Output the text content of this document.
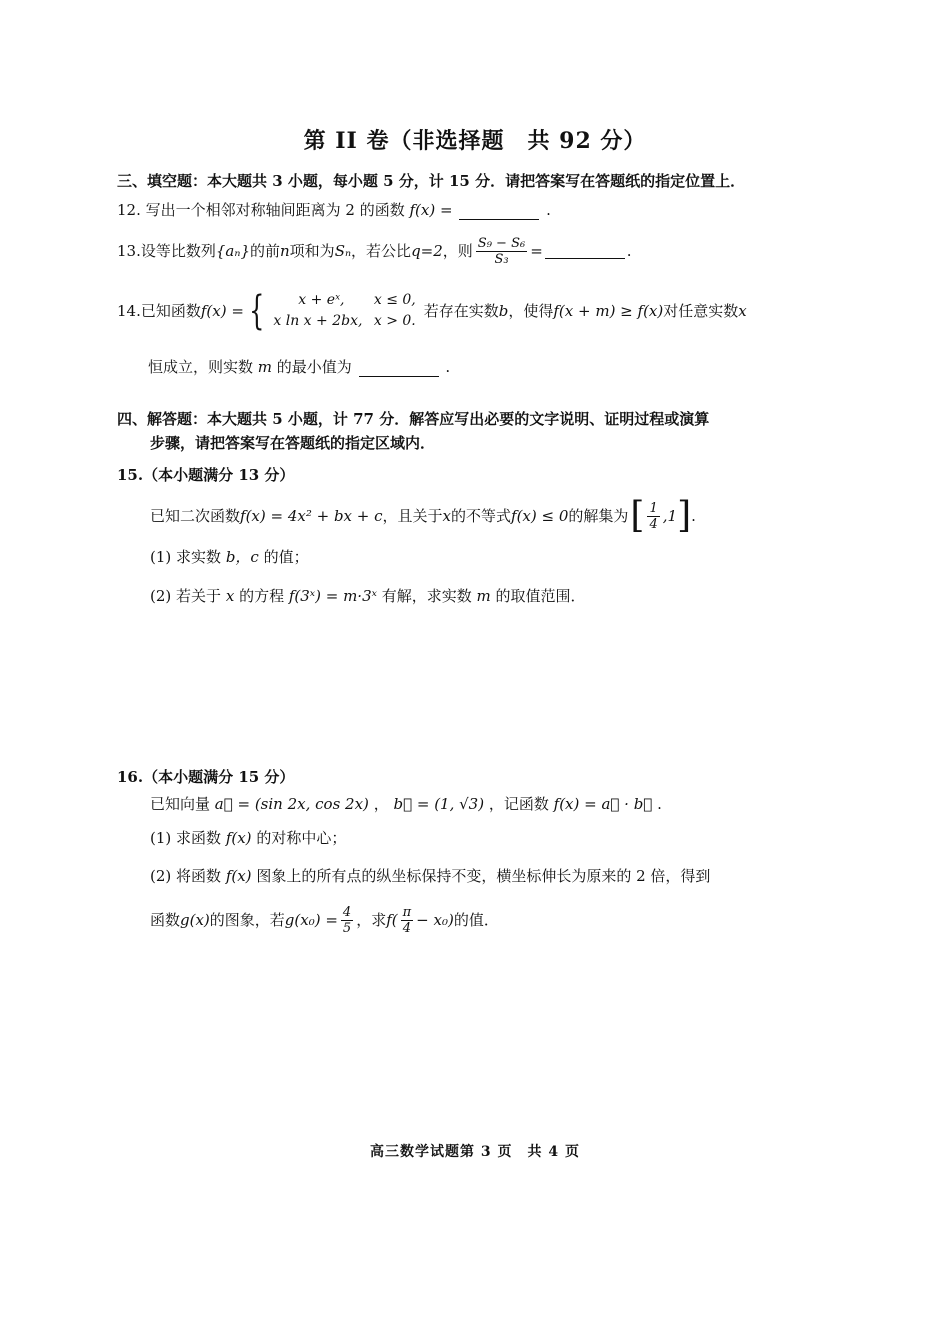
第 II 卷（非选择题　共 92 分）
三、填空题：本大题共 3 小题，每小题 5 分，计 15 分．请把答案写在答题纸的指定位置上．
12. 写出一个相邻对称轴间距离为 2 的函数 f(x) =	.
13. 设等比数列 {aₙ} 的前 n 项和为 Sₙ ，若公比 q=2 ，则 $\frac{\text{S₉ − S₆}}{\text{S₃}}$ =	.
14. 已知函数 f(x) = {	x + eˣ, x ≤ 0,
x ln x + 2bx, x > 0.
若存在实数 b ，使得 f(x + m) ≥ f(x) 对任意实数 x
恒成立，则实数 m 的最小值为	.
四、解答题：本大题共 5 小题，计 77 分．解答应写出必要的文字说明、证明过程或演算
步骤，请把答案写在答题纸的指定区域内．
15.（本小题满分 13 分）
已知二次函数 f(x) = 4x² + bx + c ，且关于 x 的不等式 f(x) ≤ 0 的解集为 [ $\frac{1}{4} ,1$ ] .
(1) 求实数 b，c 的值；
(2) 若关于 x 的方程 f(3ˣ) = m·3ˣ 有解，求实数 m 的取值范围．
16.（本小题满分 15 分）
已知向量 a⃗ = (sin 2x, cos 2x) ， b⃗ = (1, √3) ，记函数 f(x) = a⃗ · b⃗ .
(1) 求函数 f(x) 的对称中心；
(2) 将函数 f(x) 图象上的所有点的纵坐标保持不变，横坐标伸长为原来的 2 倍，得到
函数 g(x) 的图象，若 $g(x_0) = \frac{4}{5}$ ，求 $f( \frac{\pi}{4} - x_0)$ 的值．
高三数学试题第 3 页　共 4 页
